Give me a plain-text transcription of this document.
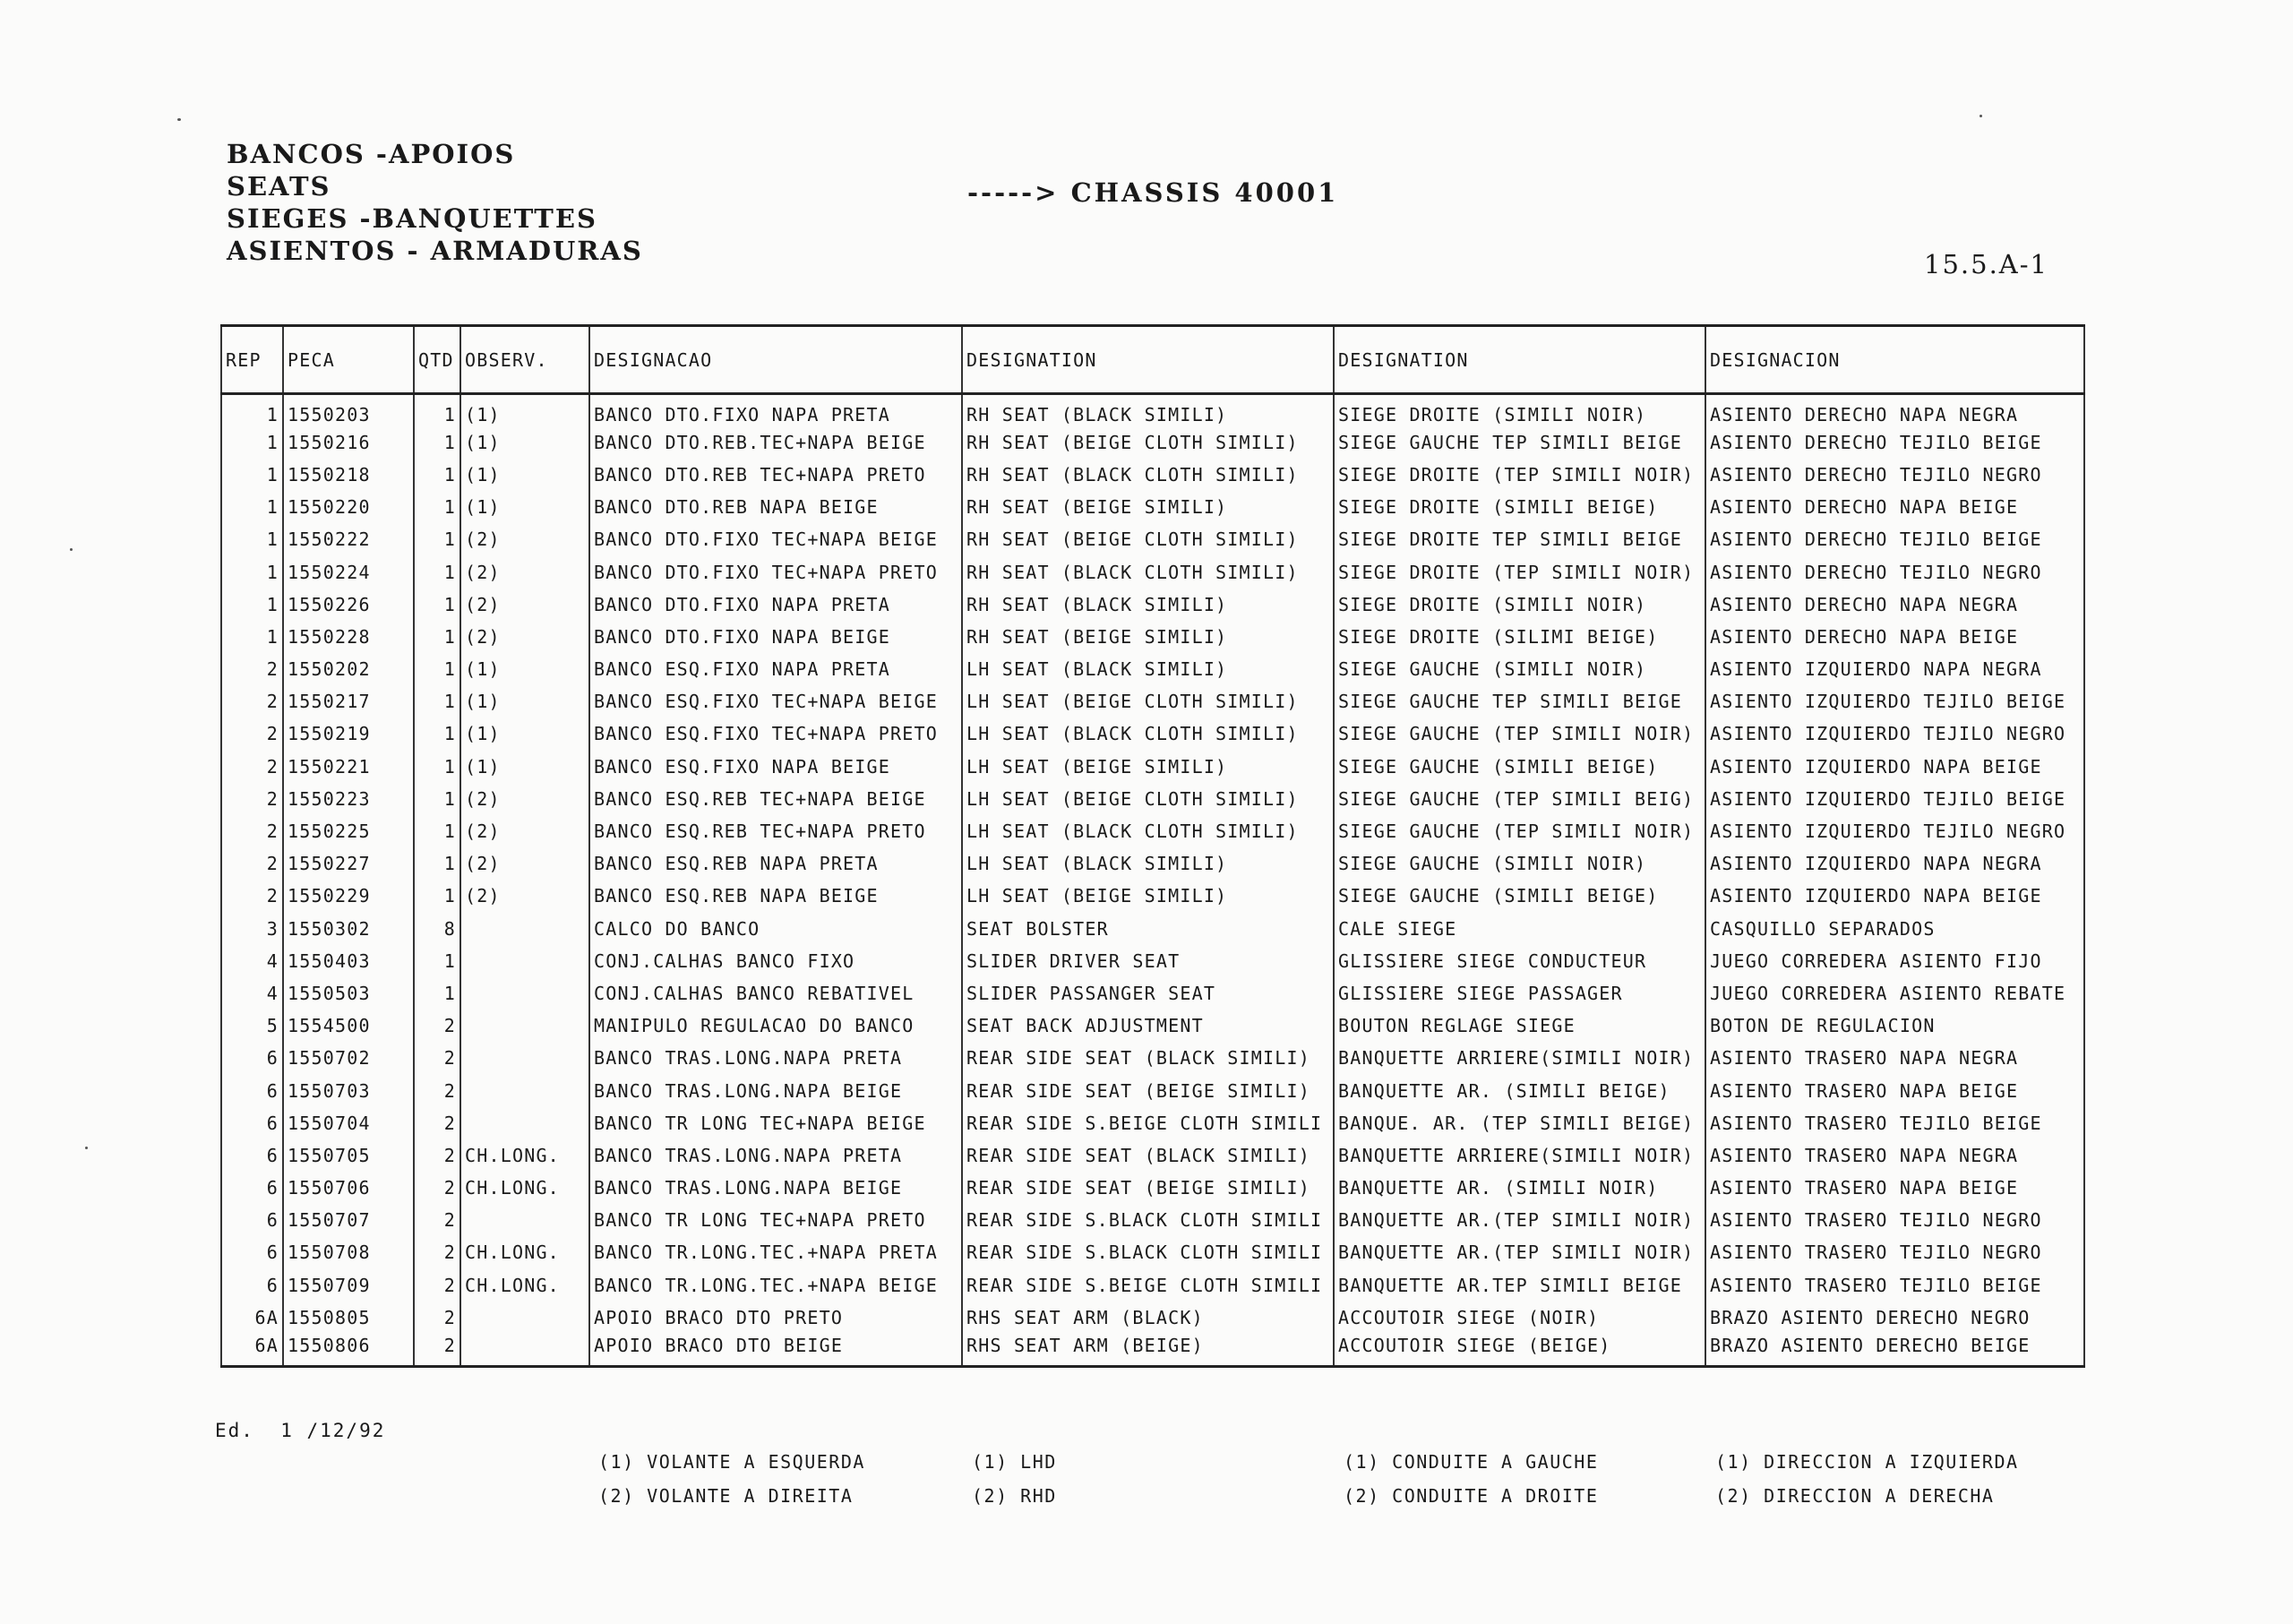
BANCOS -APOIOS
SEATS
SIEGES -BANQUETTES
ASIENTOS - ARMADURAS
-----> CHASSIS 40001
15.5.A-1
REP	PECA	QTD	OBSERV.	DESIGNACAO	DESIGNATION	DESIGNATION	DESIGNACION
1	1550203	1	(1)	BANCO DTO.FIXO NAPA PRETA	RH SEAT (BLACK SIMILI)	SIEGE DROITE (SIMILI NOIR)	ASIENTO DERECHO NAPA NEGRA
1	1550216	1	(1)	BANCO DTO.REB.TEC+NAPA BEIGE	RH SEAT (BEIGE CLOTH SIMILI)	SIEGE GAUCHE TEP SIMILI BEIGE	ASIENTO DERECHO TEJILO BEIGE
1	1550218	1	(1)	BANCO DTO.REB TEC+NAPA PRETO	RH SEAT (BLACK CLOTH SIMILI)	SIEGE DROITE (TEP SIMILI NOIR)	ASIENTO DERECHO TEJILO NEGRO
1	1550220	1	(1)	BANCO DTO.REB NAPA BEIGE	RH SEAT (BEIGE SIMILI)	SIEGE DROITE (SIMILI BEIGE)	ASIENTO DERECHO NAPA BEIGE
1	1550222	1	(2)	BANCO DTO.FIXO TEC+NAPA BEIGE	RH SEAT (BEIGE CLOTH SIMILI)	SIEGE DROITE TEP SIMILI BEIGE	ASIENTO DERECHO TEJILO BEIGE
1	1550224	1	(2)	BANCO DTO.FIXO TEC+NAPA PRETO	RH SEAT (BLACK CLOTH SIMILI)	SIEGE DROITE (TEP SIMILI NOIR)	ASIENTO DERECHO TEJILO NEGRO
1	1550226	1	(2)	BANCO DTO.FIXO NAPA PRETA	RH SEAT (BLACK SIMILI)	SIEGE DROITE (SIMILI NOIR)	ASIENTO DERECHO NAPA NEGRA
1	1550228	1	(2)	BANCO DTO.FIXO NAPA BEIGE	RH SEAT (BEIGE SIMILI)	SIEGE DROITE (SILIMI BEIGE)	ASIENTO DERECHO NAPA BEIGE
2	1550202	1	(1)	BANCO ESQ.FIXO NAPA PRETA	LH SEAT (BLACK SIMILI)	SIEGE GAUCHE (SIMILI NOIR)	ASIENTO IZQUIERDO NAPA NEGRA
2	1550217	1	(1)	BANCO ESQ.FIXO TEC+NAPA BEIGE	LH SEAT (BEIGE CLOTH SIMILI)	SIEGE GAUCHE TEP SIMILI BEIGE	ASIENTO IZQUIERDO TEJILO BEIGE
2	1550219	1	(1)	BANCO ESQ.FIXO TEC+NAPA PRETO	LH SEAT (BLACK CLOTH SIMILI)	SIEGE GAUCHE (TEP SIMILI NOIR)	ASIENTO IZQUIERDO TEJILO NEGRO
2	1550221	1	(1)	BANCO ESQ.FIXO NAPA BEIGE	LH SEAT (BEIGE SIMILI)	SIEGE GAUCHE (SIMILI BEIGE)	ASIENTO IZQUIERDO NAPA BEIGE
2	1550223	1	(2)	BANCO ESQ.REB TEC+NAPA BEIGE	LH SEAT (BEIGE CLOTH SIMILI)	SIEGE GAUCHE (TEP SIMILI BEIG)	ASIENTO IZQUIERDO TEJILO BEIGE
2	1550225	1	(2)	BANCO ESQ.REB TEC+NAPA PRETO	LH SEAT (BLACK CLOTH SIMILI)	SIEGE GAUCHE (TEP SIMILI NOIR)	ASIENTO IZQUIERDO TEJILO NEGRO
2	1550227	1	(2)	BANCO ESQ.REB NAPA PRETA	LH SEAT (BLACK SIMILI)	SIEGE GAUCHE (SIMILI NOIR)	ASIENTO IZQUIERDO NAPA NEGRA
2	1550229	1	(2)	BANCO ESQ.REB NAPA BEIGE	LH SEAT (BEIGE SIMILI)	SIEGE GAUCHE (SIMILI BEIGE)	ASIENTO IZQUIERDO NAPA BEIGE
3	1550302	8		CALCO DO BANCO	SEAT BOLSTER	CALE SIEGE	CASQUILLO SEPARADOS
4	1550403	1		CONJ.CALHAS BANCO FIXO	SLIDER DRIVER SEAT	GLISSIERE SIEGE CONDUCTEUR	JUEGO CORREDERA ASIENTO FIJO
4	1550503	1		CONJ.CALHAS BANCO REBATIVEL	SLIDER PASSANGER SEAT	GLISSIERE SIEGE PASSAGER	JUEGO CORREDERA ASIENTO REBATE
5	1554500	2		MANIPULO REGULACAO DO BANCO	SEAT BACK ADJUSTMENT	BOUTON REGLAGE SIEGE	BOTON DE REGULACION
6	1550702	2		BANCO TRAS.LONG.NAPA PRETA	REAR SIDE SEAT (BLACK SIMILI)	BANQUETTE ARRIERE(SIMILI NOIR)	ASIENTO TRASERO NAPA NEGRA
6	1550703	2		BANCO TRAS.LONG.NAPA BEIGE	REAR SIDE SEAT (BEIGE SIMILI)	BANQUETTE AR. (SIMILI BEIGE)	ASIENTO TRASERO NAPA BEIGE
6	1550704	2		BANCO TR LONG TEC+NAPA BEIGE	REAR SIDE S.BEIGE CLOTH SIMILI	BANQUE. AR. (TEP SIMILI BEIGE)	ASIENTO TRASERO TEJILO BEIGE
6	1550705	2	CH.LONG.	BANCO TRAS.LONG.NAPA PRETA	REAR SIDE SEAT (BLACK SIMILI)	BANQUETTE ARRIERE(SIMILI NOIR)	ASIENTO TRASERO NAPA NEGRA
6	1550706	2	CH.LONG.	BANCO TRAS.LONG.NAPA BEIGE	REAR SIDE SEAT (BEIGE SIMILI)	BANQUETTE AR. (SIMILI NOIR)	ASIENTO TRASERO NAPA BEIGE
6	1550707	2		BANCO TR LONG TEC+NAPA PRETO	REAR SIDE S.BLACK CLOTH SIMILI	BANQUETTE AR.(TEP SIMILI NOIR)	ASIENTO TRASERO TEJILO NEGRO
6	1550708	2	CH.LONG.	BANCO TR.LONG.TEC.+NAPA PRETA	REAR SIDE S.BLACK CLOTH SIMILI	BANQUETTE AR.(TEP SIMILI NOIR)	ASIENTO TRASERO TEJILO NEGRO
6	1550709	2	CH.LONG.	BANCO TR.LONG.TEC.+NAPA BEIGE	REAR SIDE S.BEIGE CLOTH SIMILI	BANQUETTE AR.TEP SIMILI BEIGE	ASIENTO TRASERO TEJILO BEIGE
6A	1550805	2		APOIO BRACO DTO PRETO	RHS SEAT ARM (BLACK)	ACCOUTOIR SIEGE (NOIR)	BRAZO ASIENTO DERECHO NEGRO
6A	1550806	2		APOIO BRACO DTO BEIGE	RHS SEAT ARM (BEIGE)	ACCOUTOIR SIEGE (BEIGE)	BRAZO ASIENTO DERECHO BEIGE
Ed.  1 /12/92
(1) VOLANTE A ESQUERDA
(2) VOLANTE A DIREITA
(1) LHD
(2) RHD
(1) CONDUITE A GAUCHE
(2) CONDUITE A DROITE
(1) DIRECCION A IZQUIERDA
(2) DIRECCION A DERECHA
